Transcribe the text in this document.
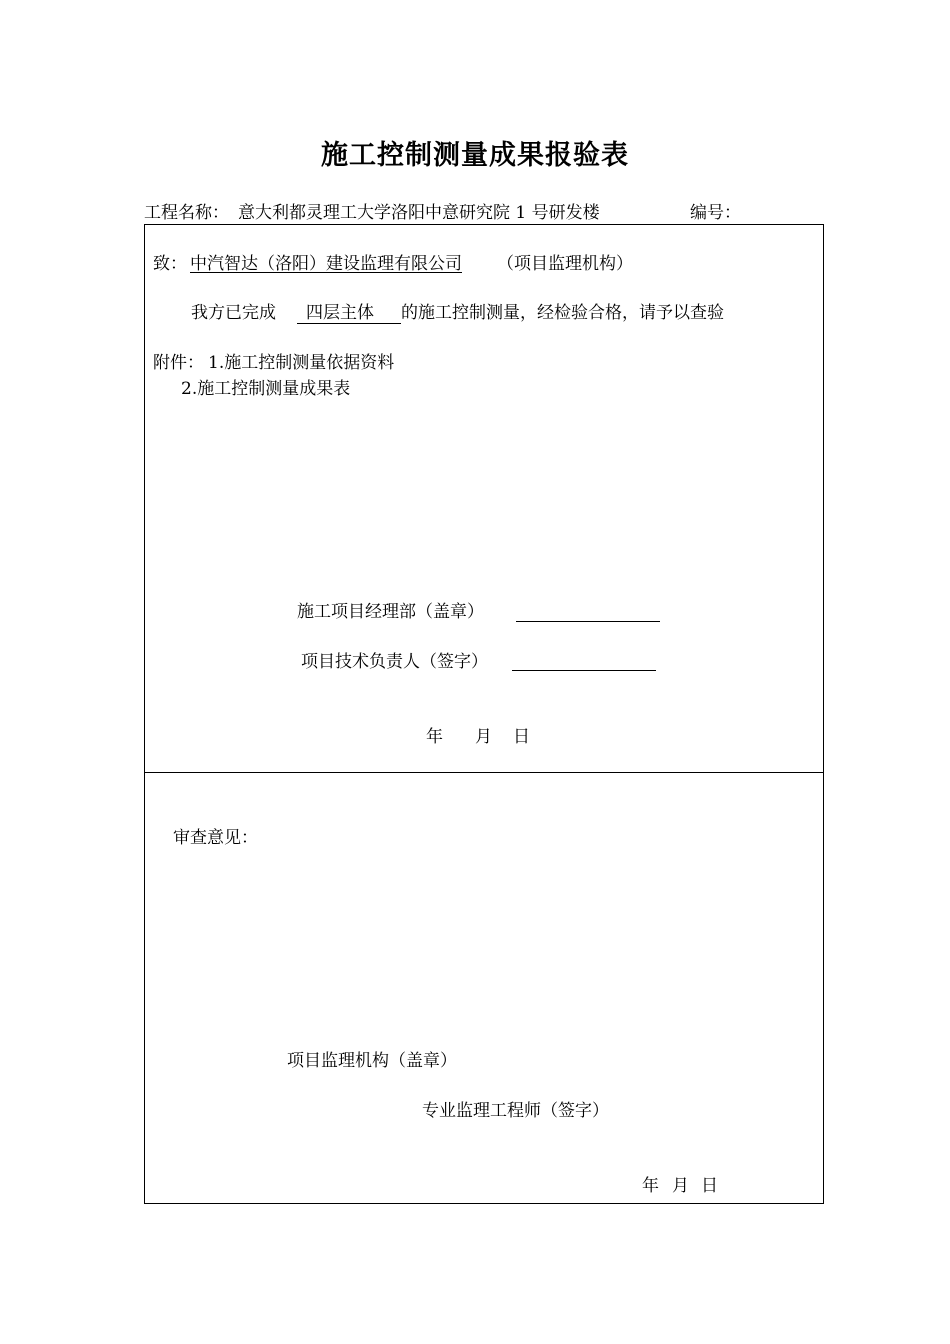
施工控制测量成果报验表
工程名称： 意大利都灵理工大学洛阳中意研究院 1 号研发楼	编号：
致： 中汽智达（洛阳）建设监理有限公司 （项目监理机构）
我方已完成 四层主体 的施工控制测量，经检验合格，请予以查验
附件： 1.施工控制测量依据资料
2.施工控制测量成果表
施工项目经理部（盖章）
项目技术负责人（签字）
年 月 日
审查意见：
项目监理机构（盖章）
专业监理工程师（签字）
年 月 日
